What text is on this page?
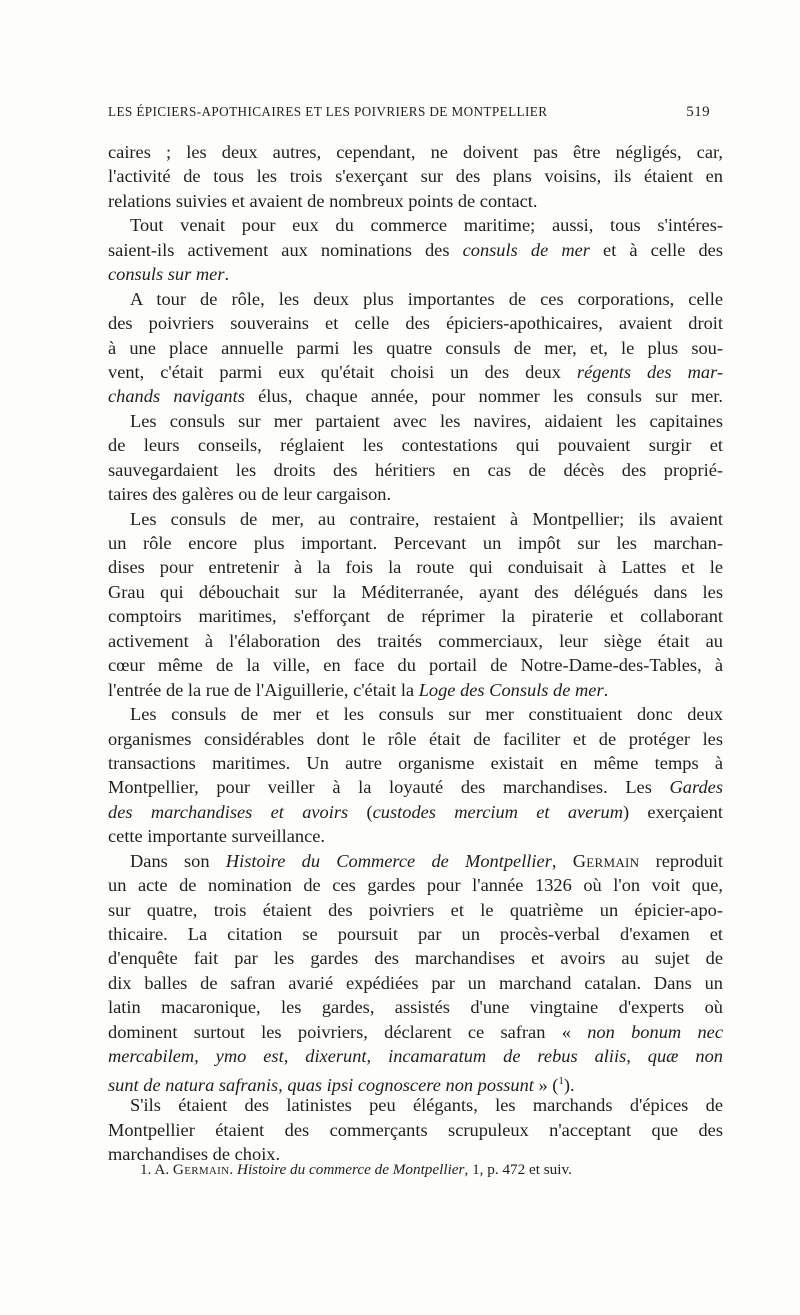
LES ÉPICIERS-APOTHICAIRES ET LES POIVRIERS DE MONTPELLIER	519
caires ; les deux autres, cependant, ne doivent pas être négligés, car,
l'activité de tous les trois s'exerçant sur des plans voisins, ils étaient en
relations suivies et avaient de nombreux points de contact.
Tout venait pour eux du commerce maritime; aussi, tous s'intéres-
saient-ils activement aux nominations des consuls de mer et à celle des
consuls sur mer.
A tour de rôle, les deux plus importantes de ces corporations, celle
des poivriers souverains et celle des épiciers-apothicaires, avaient droit
à une place annuelle parmi les quatre consuls de mer, et, le plus sou-
vent, c'était parmi eux qu'était choisi un des deux régents des mar-
chands navigants élus, chaque année, pour nommer les consuls sur mer.
Les consuls sur mer partaient avec les navires, aidaient les capitaines
de leurs conseils, réglaient les contestations qui pouvaient surgir et
sauvegardaient les droits des héritiers en cas de décès des proprié-
taires des galères ou de leur cargaison.
Les consuls de mer, au contraire, restaient à Montpellier; ils avaient
un rôle encore plus important. Percevant un impôt sur les marchan-
dises pour entretenir à la fois la route qui conduisait à Lattes et le
Grau qui débouchait sur la Méditerranée, ayant des délégués dans les
comptoirs maritimes, s'efforçant de réprimer la piraterie et collaborant
activement à l'élaboration des traités commerciaux, leur siège était au
cœur même de la ville, en face du portail de Notre-Dame-des-Tables, à
l'entrée de la rue de l'Aiguillerie, c'était la Loge des Consuls de mer.
Les consuls de mer et les consuls sur mer constituaient donc deux
organismes considérables dont le rôle était de faciliter et de protéger les
transactions maritimes. Un autre organisme existait en même temps à
Montpellier, pour veiller à la loyauté des marchandises. Les Gardes
des marchandises et avoirs (custodes mercium et averum) exerçaient
cette importante surveillance.
Dans son Histoire du Commerce de Montpellier, Germain reproduit
un acte de nomination de ces gardes pour l'année 1326 où l'on voit que,
sur quatre, trois étaient des poivriers et le quatrième un épicier-apo-
thicaire. La citation se poursuit par un procès-verbal d'examen et
d'enquête fait par les gardes des marchandises et avoirs au sujet de
dix balles de safran avarié expédiées par un marchand catalan. Dans un
latin macaronique, les gardes, assistés d'une vingtaine d'experts où
dominent surtout les poivriers, déclarent ce safran « non bonum nec
mercabilem, ymo est, dixerunt, incamaratum de rebus aliis, quæ non
sunt de natura safranis, quas ipsi cognoscere non possunt » ($^1$).
S'ils étaient des latinistes peu élégants, les marchands d'épices de
Montpellier étaient des commerçants scrupuleux n'acceptant que des
marchandises de choix.
1. A. Germain. Histoire du commerce de Montpellier, 1, p. 472 et suiv.
